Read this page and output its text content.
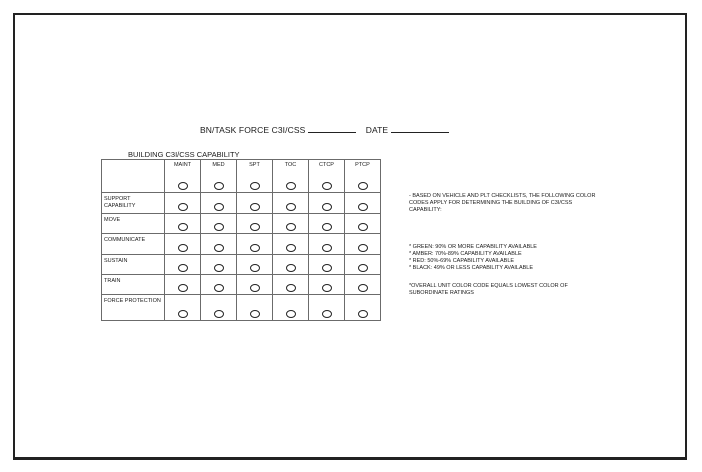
BN/TASK FORCE C3I/CSS	DATE
BUILDING C3I/CSS CAPABILITY

	MAINT	MED	SPT	TOC	CTCP	PTCP

SUPPORT CAPABILITY						

MOVE						

COMMUNICATE						

SUSTAIN						

TRAIN						

FORCE PROTECTION						

- BASED ON VEHICLE AND PLT CHECKLISTS, THE FOLLOWING COLOR CODES APPLY FOR DETERMINING THE BUILDING OF C3I/CSS CAPABILITY:

* GREEN: 90% OR MORE CAPABILITY AVAILABLE

* AMBER: 70%-89% CAPABILITY AVAILABLE

* RED: 50%-69% CAPABILITY AVAILABLE

* BLACK: 49% OR LESS CAPABILITY AVAILABLE

*OVERALL UNIT COLOR CODE EQUALS LOWEST COLOR OF SUBORDINATE RATINGS
